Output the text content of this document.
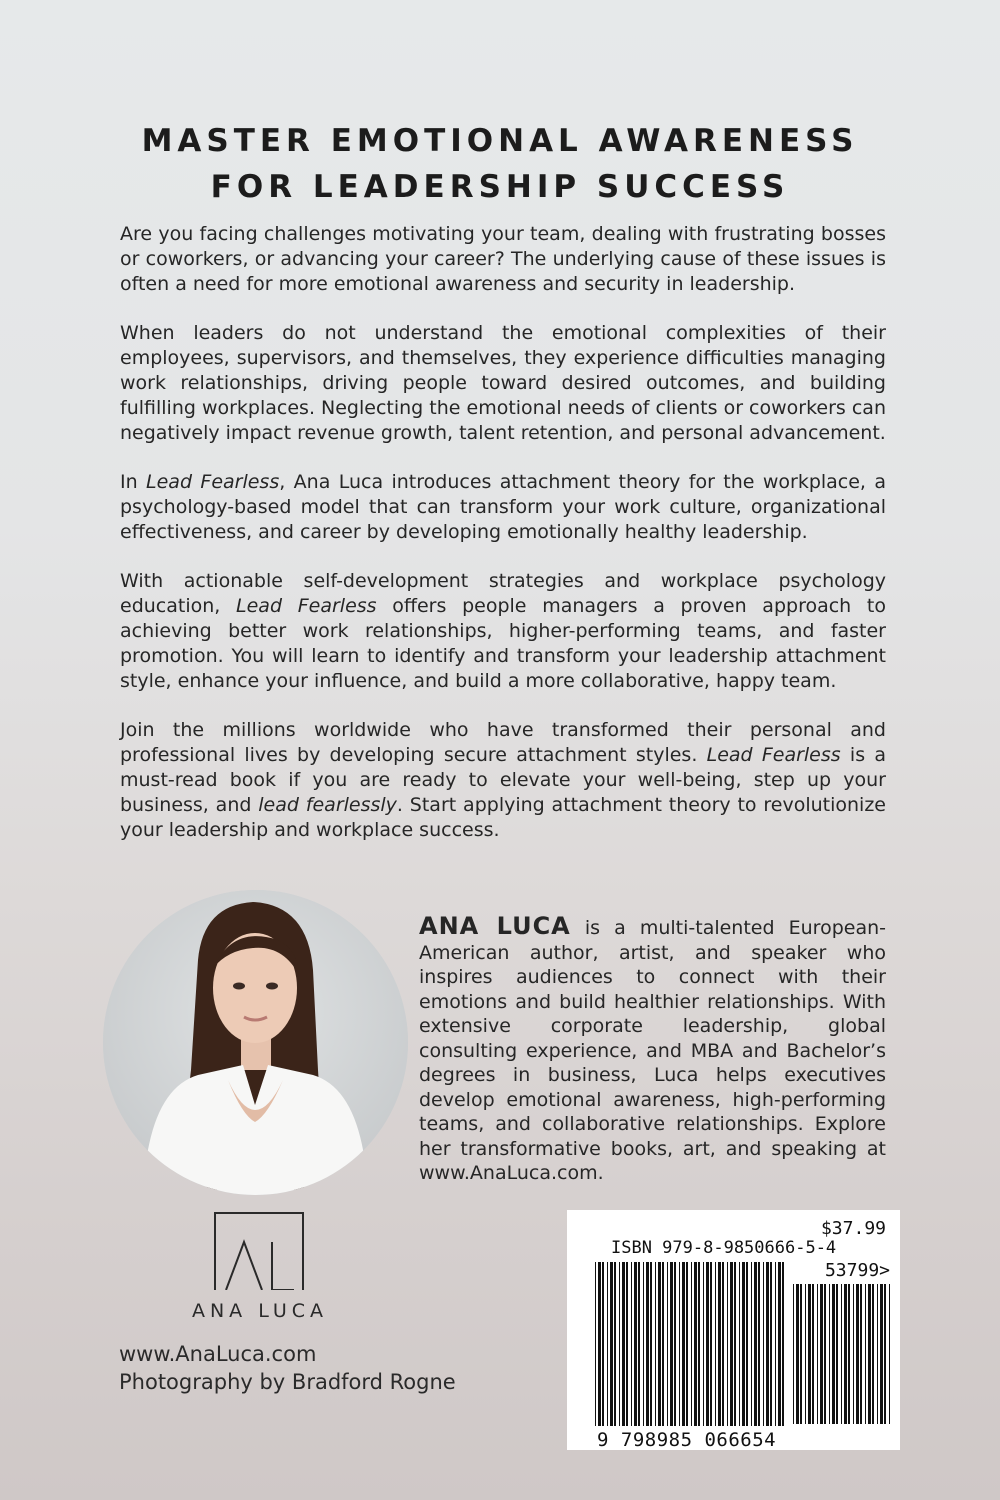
MASTER EMOTIONAL AWARENESS
FOR LEADERSHIP SUCCESS

Are you facing challenges motivating your team, dealing with frustrating bosses or coworkers, or advancing your career? The underlying cause of these issues is often a need for more emotional awareness and security in leadership.

When leaders do not understand the emotional complexities of their employees, supervisors, and themselves, they experience difficulties managing work relationships, driving people toward desired outcomes, and building fulfilling workplaces. Neglecting the emotional needs of clients or coworkers can negatively impact revenue growth, talent retention, and personal advancement.

In Lead Fearless, Ana Luca introduces attachment theory for the workplace, a psychology-based model that can transform your work culture, organizational effectiveness, and career by developing emotionally healthy leadership.

With actionable self-development strategies and workplace psychology education, Lead Fearless offers people managers a proven approach to achieving better work relationships, higher-performing teams, and faster promotion. You will learn to identify and transform your leadership attachment style, enhance your influence, and build a more collaborative, happy team.

Join the millions worldwide who have transformed their personal and professional lives by developing secure attachment styles. Lead Fearless is a must-read book if you are ready to elevate your well-being, step up your business, and lead fearlessly. Start applying attachment theory to revolutionize your leadership and workplace success.

ANA LUCA is a multi-talented European-American author, artist, and speaker who inspires audiences to connect with their emotions and build healthier relationships. With extensive corporate leadership, global consulting experience, and MBA and Bachelor’s degrees in business, Luca helps executives develop emotional awareness, high-performing teams, and collaborative relationships. Explore her transformative books, art, and speaking at www.AnaLuca.com.
ANA LUCA
www.AnaLuca.com
Photography by Bradford Rogne
$37.99
ISBN 979-8-9850666-5-4
53799>
9 798985 066654
